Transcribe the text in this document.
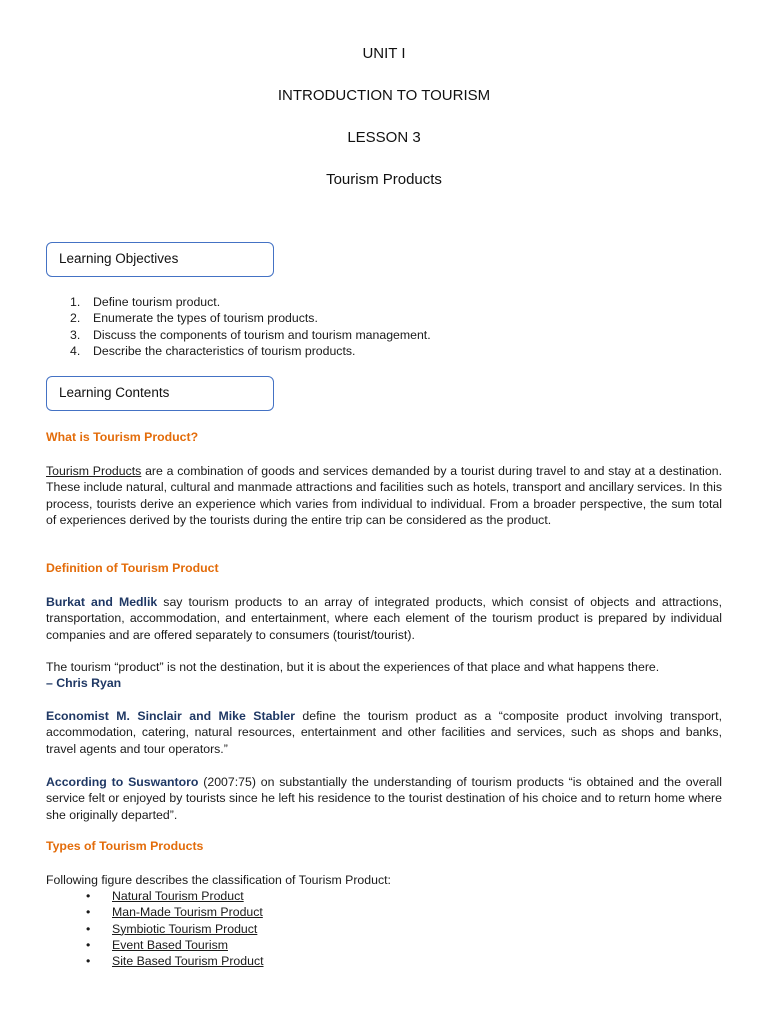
UNIT I
INTRODUCTION TO TOURISM
LESSON 3
Tourism Products
Learning Objectives
1. Define tourism product.
2. Enumerate the types of tourism products.
3. Discuss the components of tourism and tourism management.
4. Describe the characteristics of tourism products.
Learning Contents
What is Tourism Product?

Tourism Products are a combination of goods and services demanded by a tourist during travel to and stay at a destination. These include natural, cultural and manmade attractions and facilities such as hotels, transport and ancillary services. In this process, tourists derive an experience which varies from individual to individual. From a broader perspective, the sum total of experiences derived by the tourists during the entire trip can be considered as the product.

Definition of Tourism Product

Burkat and Medlik say tourism products to an array of integrated products, which consist of objects and attractions, transportation, accommodation, and entertainment, where each element of the tourism product is prepared by individual companies and are offered separately to consumers (tourist/tourist).

The tourism “product” is not the destination, but it is about the experiences of that place and what happens there.
– Chris Ryan

Economist M. Sinclair and Mike Stabler define the tourism product as a “composite product involving transport, accommodation, catering, natural resources, entertainment and other facilities and services, such as shops and banks, travel agents and tour operators.”

According to Suswantoro (2007:75) on substantially the understanding of tourism products “is obtained and the overall service felt or enjoyed by tourists since he left his residence to the tourist destination of his choice and to return home where she originally departed”.

Types of Tourism Products

Following figure describes the classification of Tourism Product:

• Natural Tourism Product
• Man-Made Tourism Product
• Symbiotic Tourism Product
• Event Based Tourism
• Site Based Tourism Product
